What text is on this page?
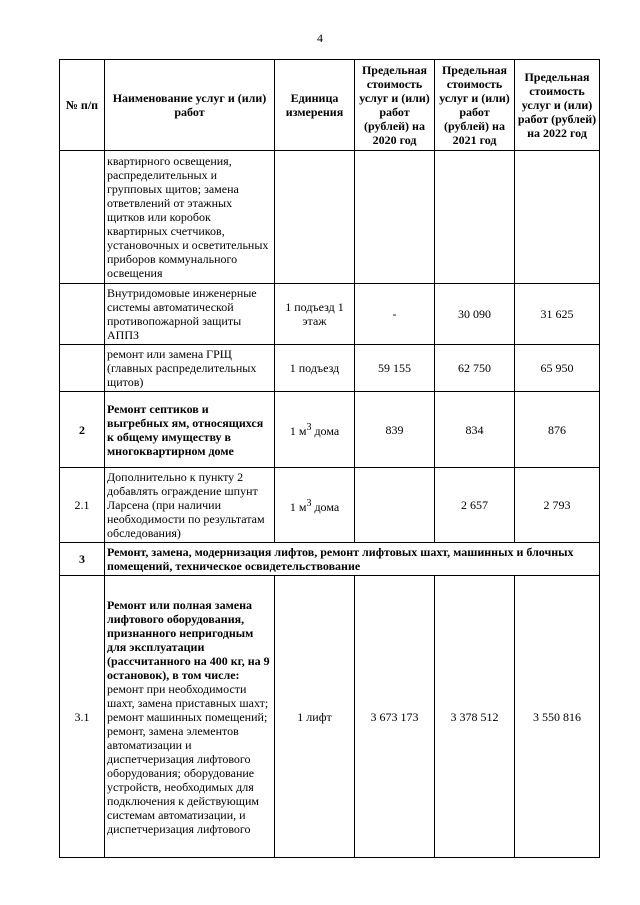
4
№ п/п	Наименование услуг и (или) работ	Единица измерения	Предельная стоимость услуг и (или) работ (рублей) на 2020 год	Предельная стоимость услуг и (или) работ (рублей) на 2021 год	Предельная стоимость услуг и (или) работ (рублей) на 2022 год
	квартирного освещения, распределительных и групповых щитов; замена ответвлений от этажных щитков или коробок квартирных счетчиков, установочных и осветительных приборов коммунального освещения				
	Внутридомовые инженерные системы автоматической противопожарной защиты АППЗ	1 подъезд 1 этаж	-	30 090	31 625
	ремонт или замена ГРЩ (главных распределительных щитов)	1 подъезд	59 155	62 750	65 950
2	Ремонт септиков и выгребных ям, относящихся к общему имуществу в многоквартирном доме	1 $м^3$ дома	839	834	876
2.1	Дополнительно к пункту 2 добавлять ограждение шпунт Ларсена (при наличии необходимости по результатам обследования)	1 $м^3$ дома		2 657	2 793
3	Ремонт, замена, модернизация лифтов, ремонт лифтовых шахт, машинных и блочных помещений, техническое освидетельствование				
3.1	Ремонт или полная замена лифтового оборудования, признанного непригодным для эксплуатации (рассчитанного на 400 кг, на 9 остановок), в том числе: ремонт при необходимости шахт, замена приставных шахт; ремонт машинных помещений; ремонт, замена элементов автоматизации и диспетчеризация лифтового оборудования; оборудование устройств, необходимых для подключения к действующим системам автоматизации, и диспетчеризация лифтового	1 лифт	3 673 173	3 378 512	3 550 816
